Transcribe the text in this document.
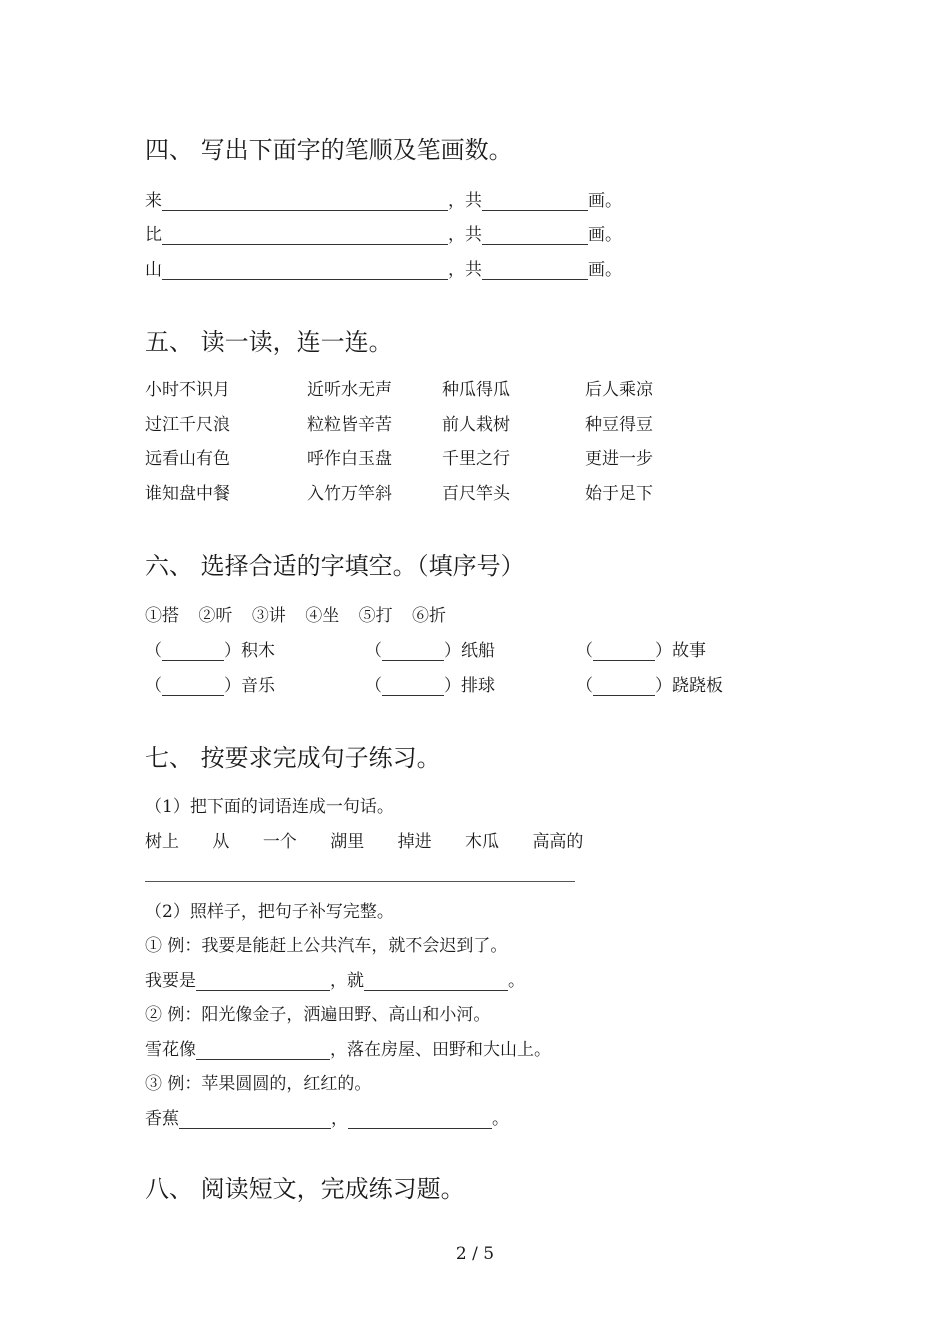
四、 写出下面字的笔顺及笔画数。
来	，共	画。
比	，共	画。
山	，共	画。
五、 读一读，连一连。
小时不识月	近听水无声	种瓜得瓜	后人乘凉
过江千尺浪	粒粒皆辛苦	前人栽树	种豆得豆
远看山有色	呼作白玉盘	千里之行	更进一步
谁知盘中餐	入竹万竿斜	百尺竿头	始于足下
六、 选择合适的字填空。（填序号）
①搭 ②听 ③讲 ④坐 ⑤打 ⑥折
（	）积木	（	）纸船	（	）故事
（	）音乐	（	）排球	（	）跷跷板
七、 按要求完成句子练习。
（1）把下面的词语连成一句话。
树上 从 一个 湖里 掉进 木瓜 高高的
（2）照样子，把句子补写完整。
① 例：我要是能赶上公共汽车，就不会迟到了。
我要是	，就	。
② 例：阳光像金子，洒遍田野、高山和小河。
雪花像	，落在房屋、田野和大山上。
③ 例：苹果圆圆的，红红的。
香蕉	，	。
八、 阅读短文，完成练习题。
2 / 5
